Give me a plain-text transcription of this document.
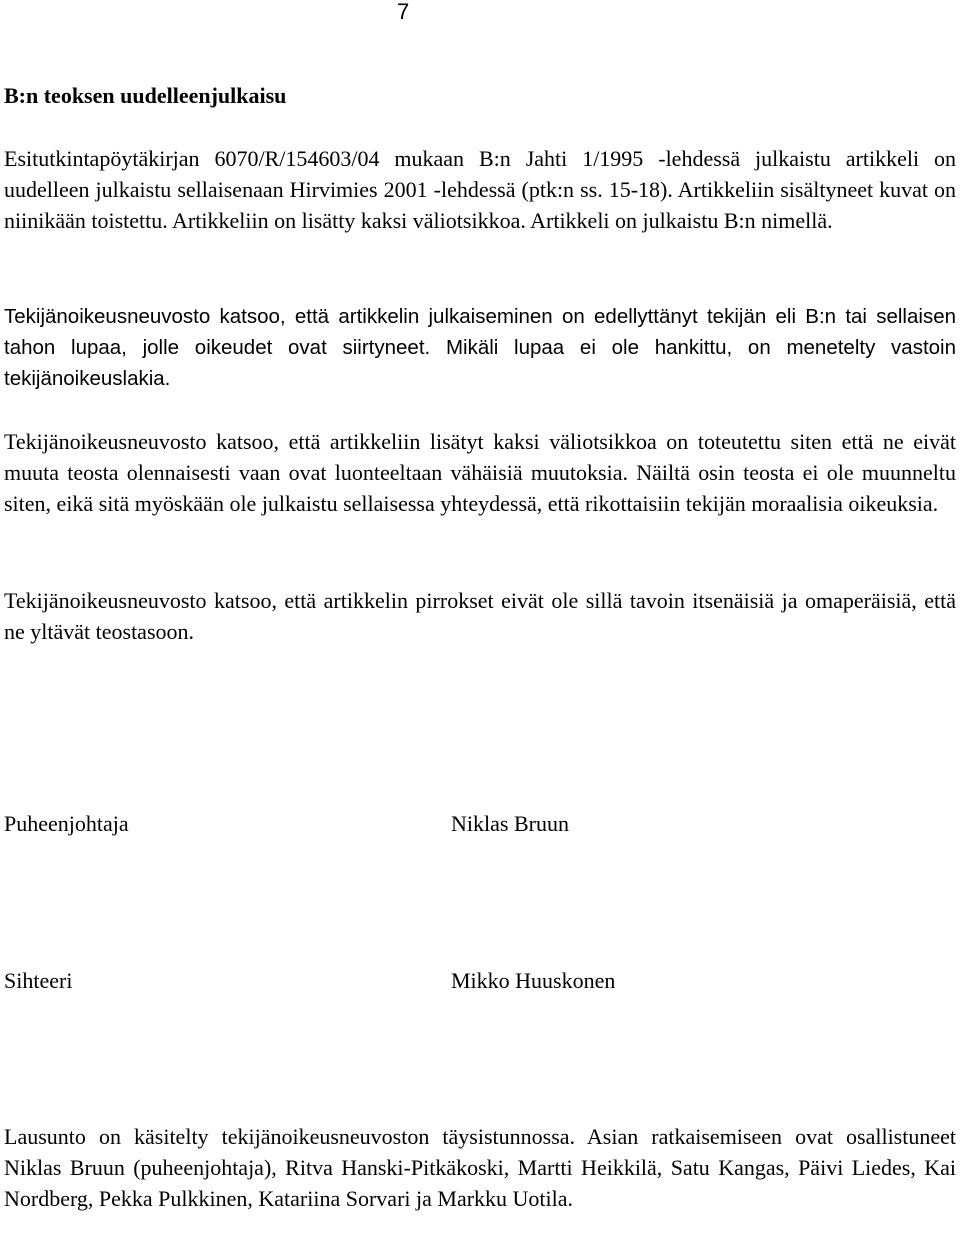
7
B:n teoksen uudelleenjulkaisu

Esitutkintapöytäkirjan 6070/R/154603/04 mukaan B:n Jahti 1/1995 -lehdessä julkaistu artikkeli on uudelleen julkaistu sellaisenaan Hirvimies 2001 -lehdessä (ptk:n ss. 15-18). Artikkeliin sisältyneet kuvat on niinikään toistettu. Artikkeliin on lisätty kaksi väliotsikkoa. Artikkeli on julkaistu B:n nimellä.

Tekijänoikeusneuvosto katsoo, että artikkelin julkaiseminen on edellyttänyt tekijän eli B:n tai sellaisen tahon lupaa, jolle oikeudet ovat siirtyneet. Mikäli lupaa ei ole hankittu, on menetelty vastoin tekijänoikeuslakia.

Tekijänoikeusneuvosto katsoo, että artikkeliin lisätyt kaksi väliotsikkoa on toteutettu siten että ne eivät muuta teosta olennaisesti vaan ovat luonteeltaan vähäisiä muutoksia. Näiltä osin teosta ei ole muunneltu siten, eikä sitä myöskään ole julkaistu sellaisessa yhteydessä, että rikottaisiin tekijän moraalisia oikeuksia.

Tekijänoikeusneuvosto katsoo, että artikkelin pirrokset eivät ole sillä tavoin itsenäisiä ja omaperäisiä, että ne yltävät teostasoon.

Puheenjohtaja	Niklas Bruun
Sihteeri	Mikko Huuskonen

Lausunto on käsitelty tekijänoikeusneuvoston täysistunnossa. Asian ratkaisemiseen ovat osallistuneet Niklas Bruun (puheenjohtaja), Ritva Hanski-Pitkäkoski, Martti Heikkilä, Satu Kangas, Päivi Liedes, Kai Nordberg, Pekka Pulkkinen, Katariina Sorvari ja Markku Uotila.
